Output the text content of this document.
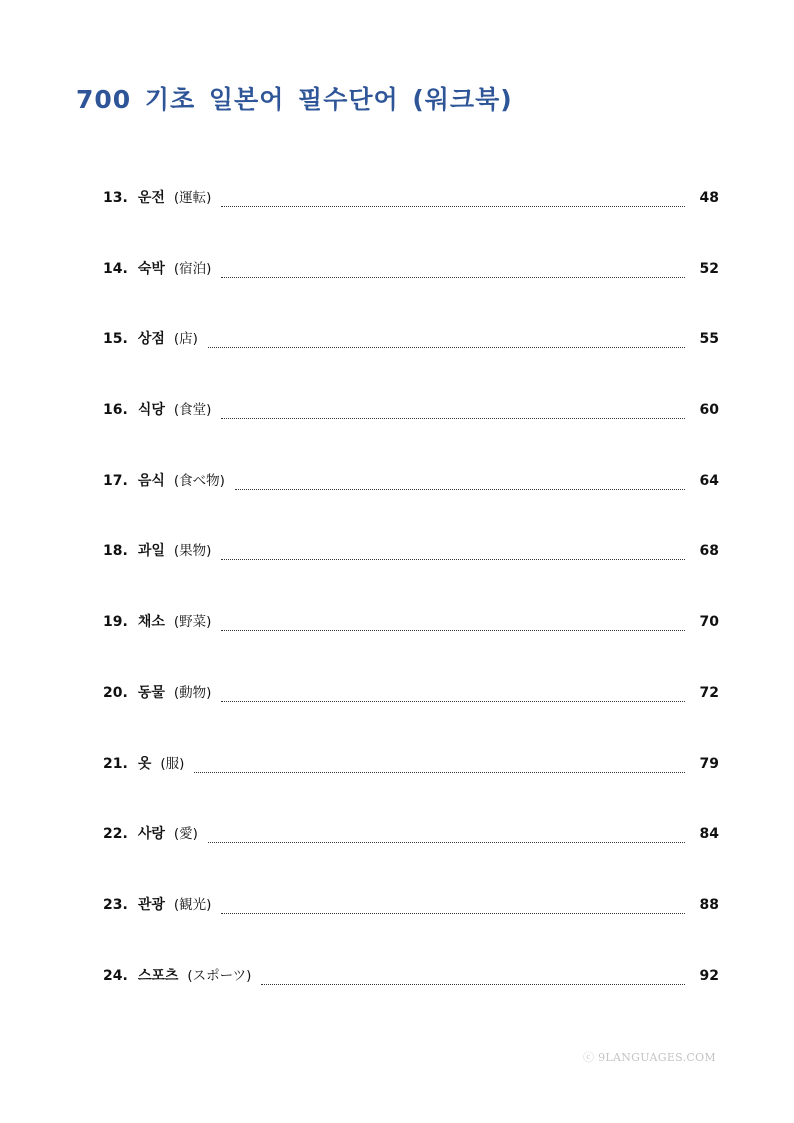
700 기초 일본어 필수단어 (워크북)
13. 운전 (運転)	48
14. 숙박 (宿泊)	52
15. 상점 (店)	55
16. 식당 (食堂)	60
17. 음식 (食べ物)	64
18. 과일 (果物)	68
19. 채소 (野菜)	70
20. 동물 (動物)	72
21. 옷 (服)	79
22. 사랑 (愛)	84
23. 관광 (観光)	88
24. 스포츠 (スポーツ)	92
ⓒ 9LANGUAGES.COM
